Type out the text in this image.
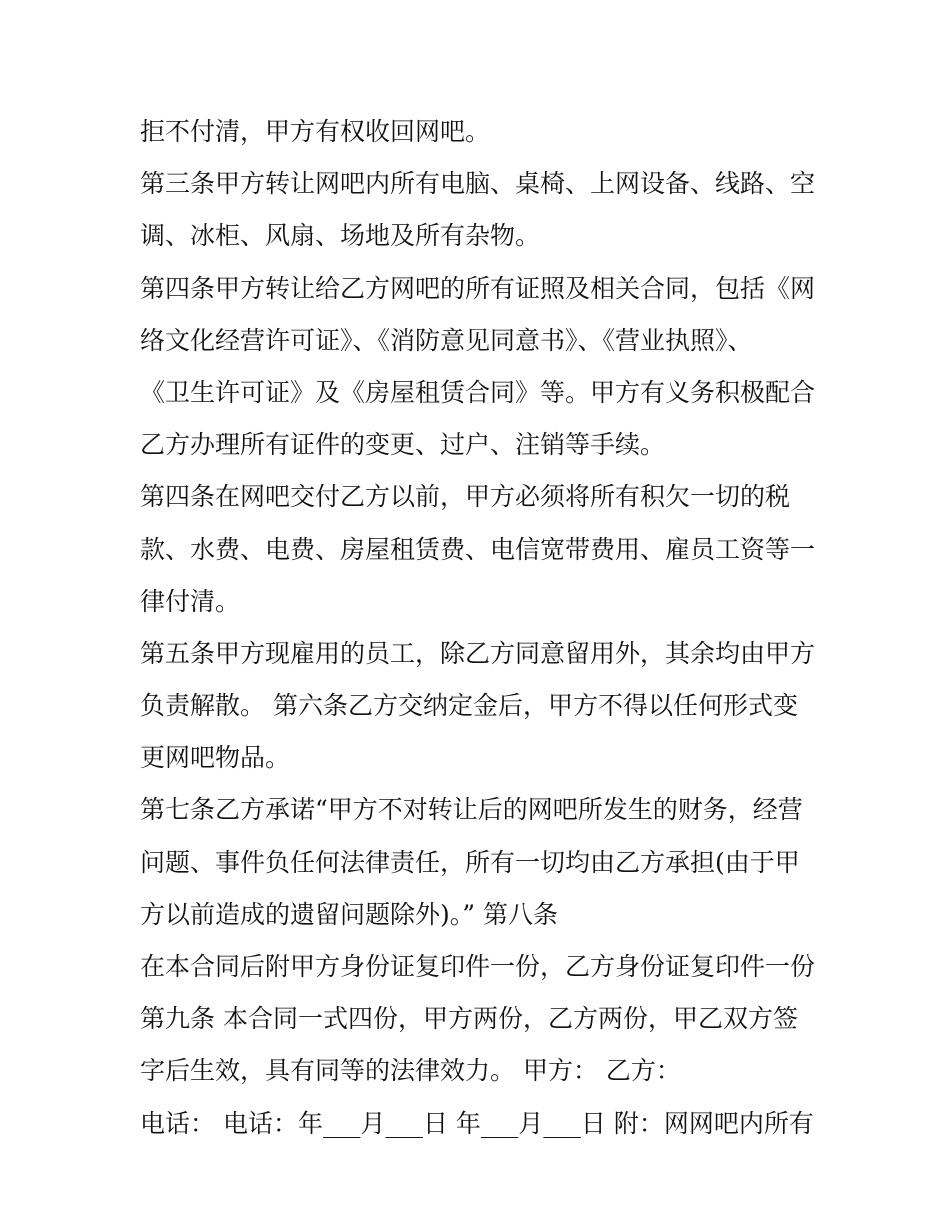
拒不付清，甲方有权收回网吧。
第三条甲方转让网吧内所有电脑、桌椅、上网设备、线路、空
调、冰柜、风扇、场地及所有杂物。
第四条甲方转让给乙方网吧的所有证照及相关合同，包括《网
络文化经营许可证》、《消防意见同意书》、《营业执照》、
《卫生许可证》及《房屋租赁合同》等。甲方有义务积极配合
乙方办理所有证件的变更、过户、注销等手续。
第四条在网吧交付乙方以前，甲方必须将所有积欠一切的税
款、水费、电费、房屋租赁费、电信宽带费用、雇员工资等一
律付清。
第五条甲方现雇用的员工，除乙方同意留用外，其余均由甲方
负责解散。 第六条乙方交纳定金后，甲方不得以任何形式变
更网吧物品。
第七条乙方承诺“甲方不对转让后的网吧所发生的财务，经营
问题、事件负任何法律责任，所有一切均由乙方承担(由于甲
方以前造成的遗留问题除外)。” 第八条
在本合同后附甲方身份证复印件一份，乙方身份证复印件一份
第九条 本合同一式四份，甲方两份，乙方两份，甲乙双方签
字后生效，具有同等的法律效力。 甲方： 乙方：
电话： 电话：年___月___日 年___月___日 附：网网吧内所有
